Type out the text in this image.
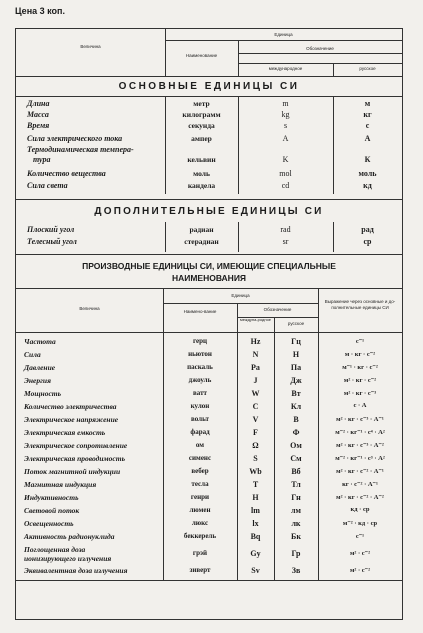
Цена 3 коп.
Величина
Единица
Наименование
Обозначение
международное	русское
ОСНОВНЫЕ ЕДИНИЦЫ СИ
Длина	метр	m	м
Масса	килограмм	kg	кг
Время	секунда	s	с
Сила электрического тока	ампер	A	А
Термодинамическая темпера-
тура	кельвин	K	К
Количество вещества	моль	mol	моль
Сила света	кандела	cd	кд
ДОПОЛНИТЕЛЬНЫЕ ЕДИНИЦЫ СИ
Плоский угол	радиан	rad	рад
Телесный угол	стерадиан	sr	ср
ПРОИЗВОДНЫЕ ЕДИНИЦЫ СИ, ИМЕЮЩИЕ СПЕЦИАЛЬНЫЕ
НАИМЕНОВАНИЯ
Величина
Единица
Наимено-вание	Обозначение
междуна-родное
русское
Выражение через основные и до-полнительные единицы СИ
Частота	герц	Hz	Гц	с⁻¹
Сила	ньютон	N	Н	м · кг · с⁻²
Давление	паскаль	Pa	Па	м⁻¹ · кг · с⁻²
Энергия	джоуль	J	Дж	м² · кг · с⁻²
Мощность	ватт	W	Вт	м² · кг · с⁻³
Количество электричества	кулон	C	Кл	с · А
Электрическое напряжение	вольт	V	В	м² · кг · с⁻³ · А⁻¹
Электрическая емкость	фарад	F	Ф	м⁻² · кг⁻¹ · с⁴ · А²
Электрическое сопротивление	ом	Ω	Ом	м² · кг · с⁻³ · А⁻²
Электрическая проводимость	сименс	S	См	м⁻² · кг⁻¹ · с³ · А²
Поток магнитной индукции	вебер	Wb	Вб	м² · кг · с⁻² · А⁻¹
Магнитная индукция	тесла	T	Тл	кг · с⁻² · А⁻¹
Индуктивность	генри	H	Гн	м² · кг · с⁻² · А⁻²
Световой поток	люмен	lm	лм	кд · ср
Освещенность	люкс	lx	лк	м⁻² · кд · ср
Активность радионуклида	беккерель	Bq	Бк	с⁻¹
Поглощенная доза
ионизирующего излучения
грэй	Gy	Гр	м² · с⁻²
Эквивалентная доза излучения	зиверт	Sv	Зв	м² · с⁻²
